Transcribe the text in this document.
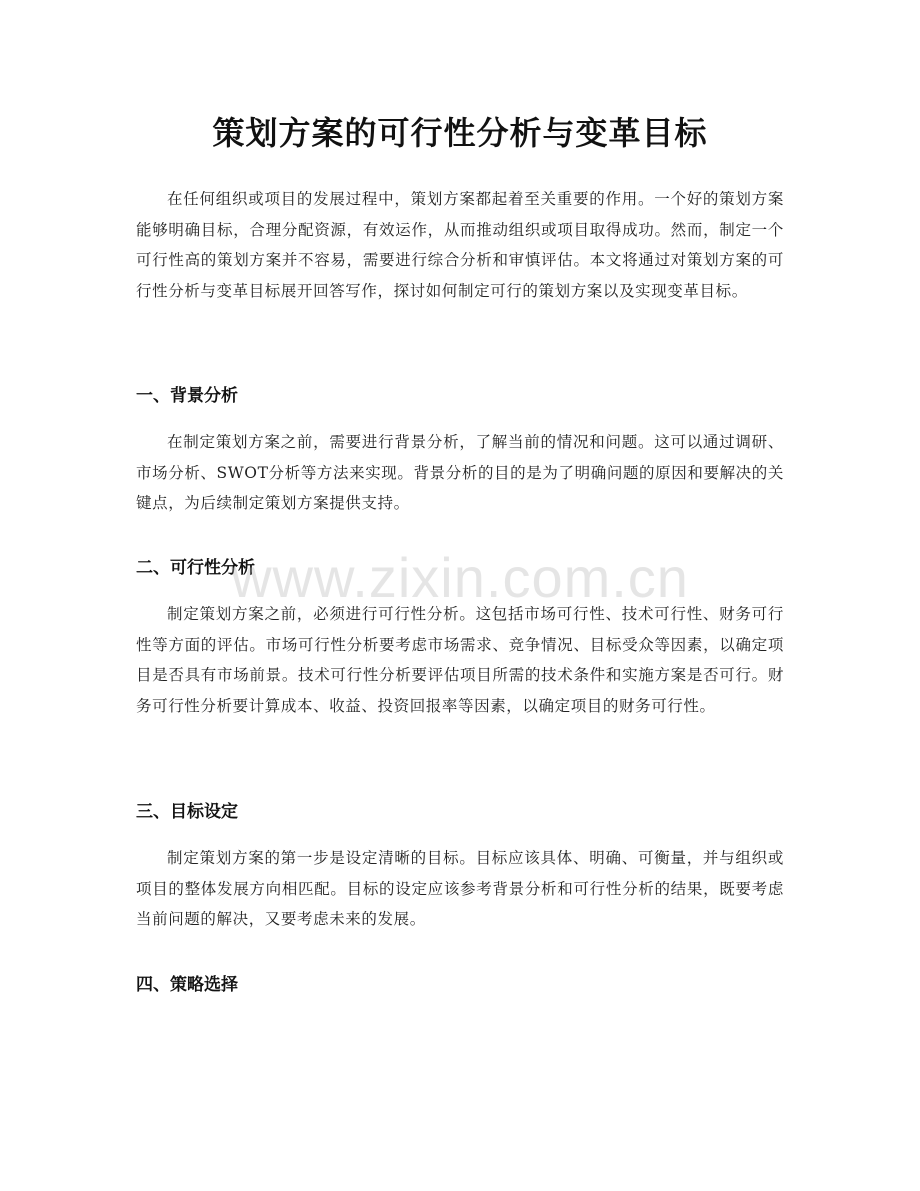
策划方案的可行性分析与变革目标

在任何组织或项目的发展过程中，策划方案都起着至关重要的作用。一个好的策划方案能够明确目标，合理分配资源，有效运作，从而推动组织或项目取得成功。然而，制定一个可行性高的策划方案并不容易，需要进行综合分析和审慎评估。本文将通过对策划方案的可行性分析与变革目标展开回答写作，探讨如何制定可行的策划方案以及实现变革目标。

一、背景分析

在制定策划方案之前，需要进行背景分析，了解当前的情况和问题。这可以通过调研、市场分析、SWOT分析等方法来实现。背景分析的目的是为了明确问题的原因和要解决的关键点，为后续制定策划方案提供支持。

二、可行性分析

制定策划方案之前，必须进行可行性分析。这包括市场可行性、技术可行性、财务可行性等方面的评估。市场可行性分析要考虑市场需求、竞争情况、目标受众等因素，以确定项目是否具有市场前景。技术可行性分析要评估项目所需的技术条件和实施方案是否可行。财务可行性分析要计算成本、收益、投资回报率等因素，以确定项目的财务可行性。

三、目标设定

制定策划方案的第一步是设定清晰的目标。目标应该具体、明确、可衡量，并与组织或项目的整体发展方向相匹配。目标的设定应该参考背景分析和可行性分析的结果，既要考虑当前问题的解决，又要考虑未来的发展。

四、策略选择
www.zixin.com.cn
